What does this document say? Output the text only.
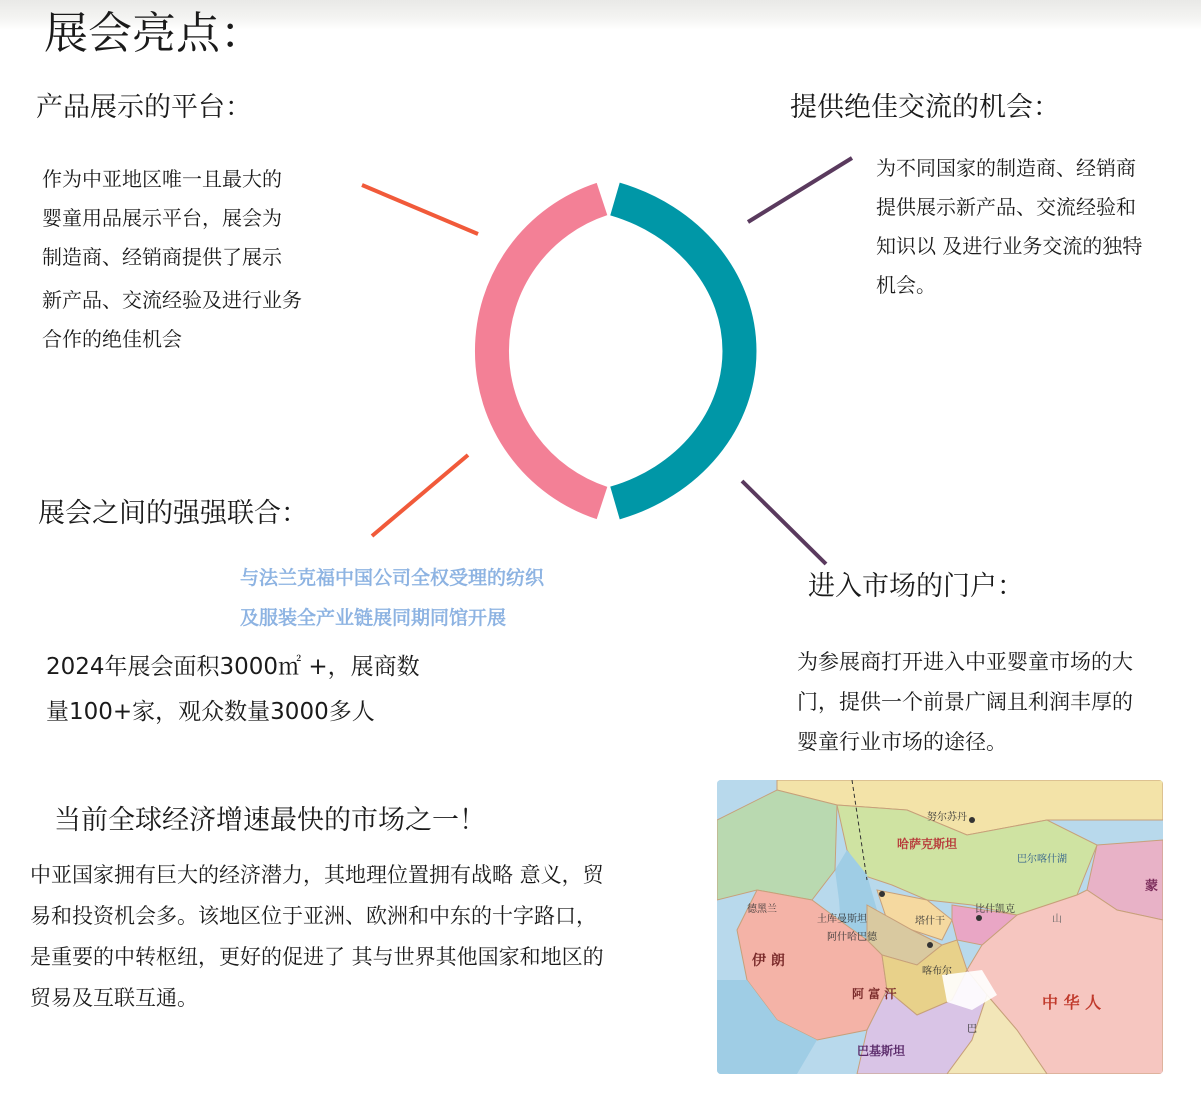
展会亮点：
产品展示的平台：
作为中亚地区唯一且最大的
婴童用品展示平台，展会为
制造商、经销商提供了展示
新产品、交流经验及进行业务
合作的绝佳机会
提供绝佳交流的机会：
为不同国家的制造商、经销商
提供展示新产品、交流经验和
知识以 及进行业务交流的独特
机会。
展会之间的强强联合：
与法兰克福中国公司全权受理的纺织
及服装全产业链展同期同馆开展
2024年展会面积3000㎡ +，展商数
量100+家，观众数量3000多人
进入市场的门户：
为参展商打开进入中亚婴童市场的大
门，提供一个前景广阔且利润丰厚的
婴童行业市场的途径。
当前全球经济增速最快的市场之一！
中亚国家拥有巨大的经济潜力，其地理位置拥有战略 意义，贸
易和投资机会多。该地区位于亚洲、欧洲和中东的十字路口，
是重要的中转枢纽，更好的促进了 其与世界其他国家和地区的
贸易及互联互通。
努尔苏丹
哈萨克斯坦
比什凯克
土库曼斯坦
阿什哈巴德
塔什干
喀布尔
伊 朗
阿 富 汗	中 华 人
巴基斯坦
蒙
山
巴尔喀什湖
德黑兰
巴
